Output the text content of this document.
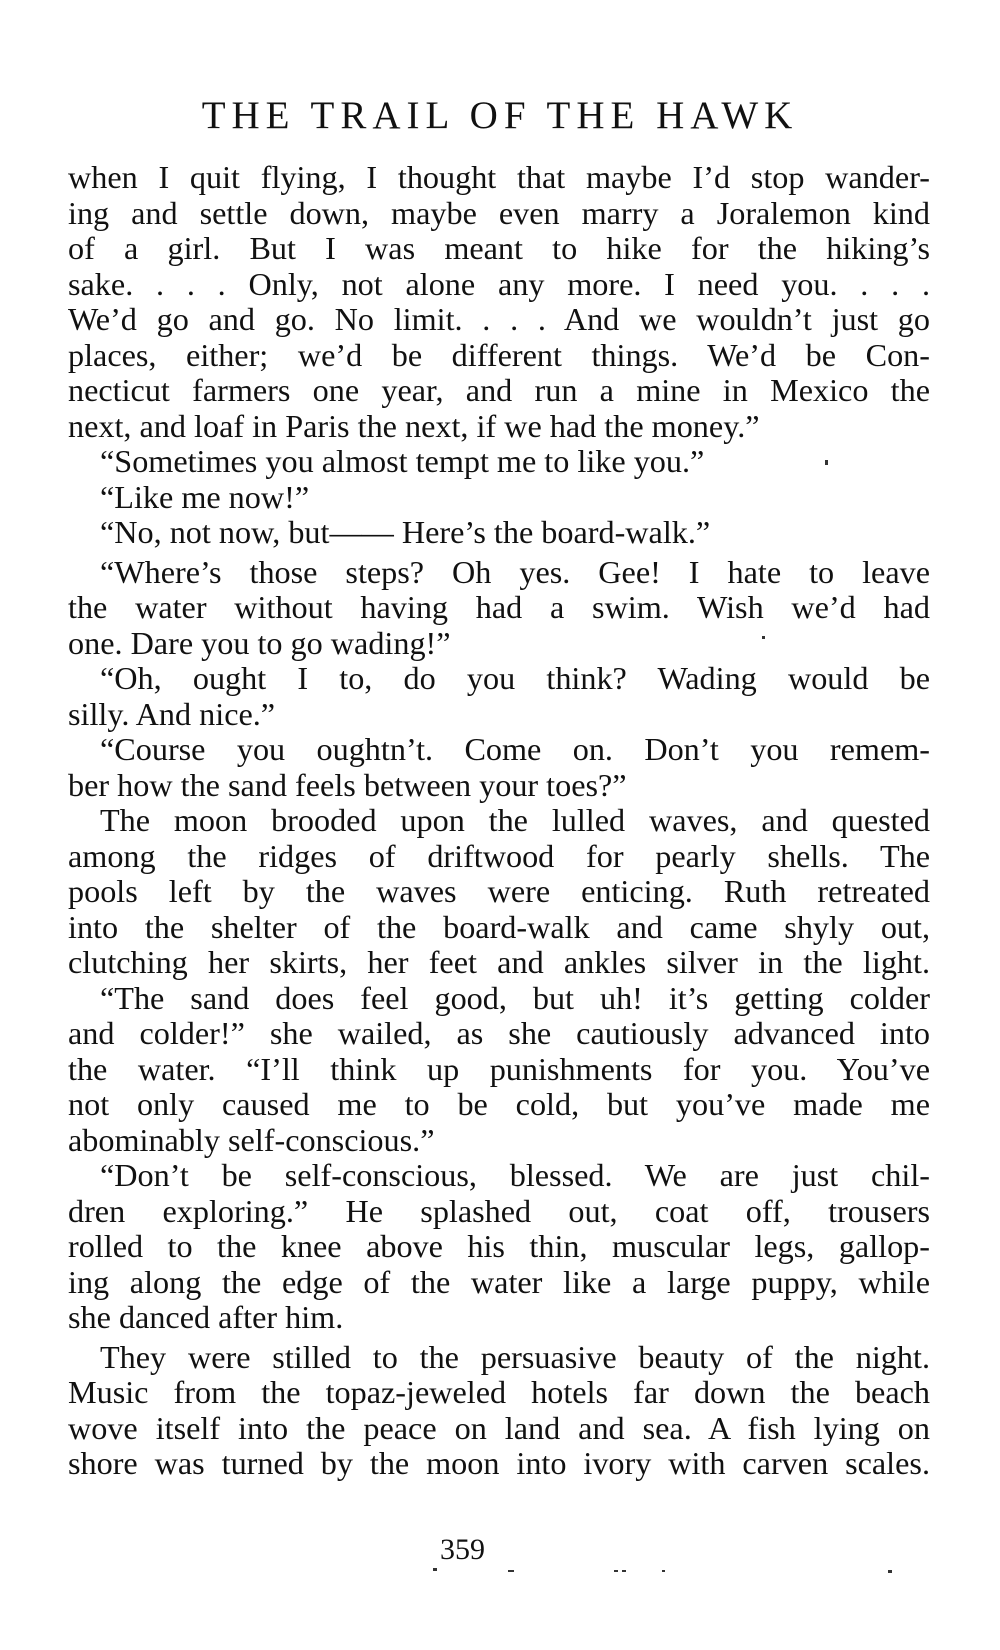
THE TRAIL OF THE HAWK
when I quit flying, I thought that maybe I’d stop wander-
ing and settle down, maybe even marry a Joralemon kind
of a girl. But I was meant to hike for the hiking’s
sake. . . . Only, not alone any more. I need you. . . .
We’d go and go. No limit. . . . And we wouldn’t just go
places, either; we’d be different things. We’d be Con-
necticut farmers one year, and run a mine in Mexico the
next, and loaf in Paris the next, if we had the money.”
“Sometimes you almost tempt me to like you.”
“Like me now!”
“No, not now, but—— Here’s the board-walk.”
“Where’s those steps? Oh yes. Gee! I hate to leave
the water without having had a swim. Wish we’d had
one. Dare you to go wading!”
“Oh, ought I to, do you think? Wading would be
silly. And nice.”
“Course you oughtn’t. Come on. Don’t you remem-
ber how the sand feels between your toes?”
The moon brooded upon the lulled waves, and quested
among the ridges of driftwood for pearly shells. The
pools left by the waves were enticing. Ruth retreated
into the shelter of the board-walk and came shyly out,
clutching her skirts, her feet and ankles silver in the light.
“The sand does feel good, but uh! it’s getting colder
and colder!” she wailed, as she cautiously advanced into
the water. “I’ll think up punishments for you. You’ve
not only caused me to be cold, but you’ve made me
abominably self-conscious.”
“Don’t be self-conscious, blessed. We are just chil-
dren exploring.” He splashed out, coat off, trousers
rolled to the knee above his thin, muscular legs, gallop-
ing along the edge of the water like a large puppy, while
she danced after him.
They were stilled to the persuasive beauty of the night.
Music from the topaz-jeweled hotels far down the beach
wove itself into the peace on land and sea. A fish lying on
shore was turned by the moon into ivory with carven scales.
359
